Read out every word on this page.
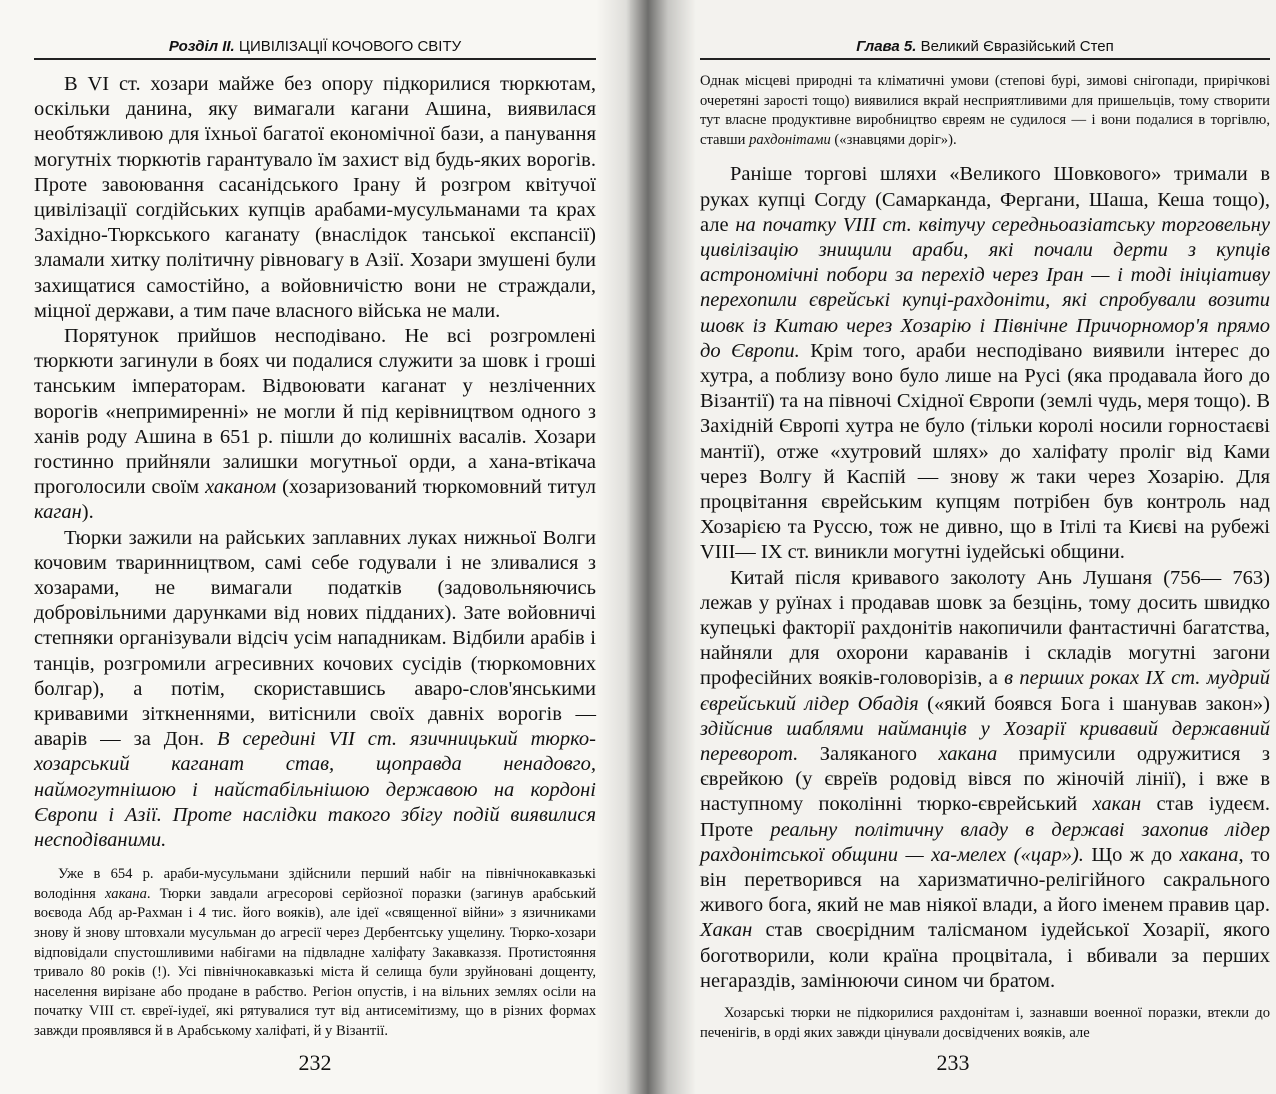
Розділ ІІ. ЦИВІЛІЗАЦІЇ КОЧОВОГО СВІТУ

В VІ ст. хозари майже без опору підкорилися тюркютам, оскільки данина, яку вимагали кагани Ашина, виявилася необтяжливою для їхньої багатої економічної бази, а панування могутніх тюркютів гарантувало їм захист від будь-яких ворогів. Проте завоювання сасанідського Ірану й розгром квітучої цивілізації согдійських купців арабами-мусульманами та крах Західно-Тюркського каганату (внаслідок танської експансії) зламали хитку політичну рівновагу в Азії. Хозари змушені були захищатися самостійно, а войовничістю вони не страждали, міцної держави, а тим паче власного війська не мали.

Порятунок прийшов несподівано. Не всі розгромлені тюркюти загинули в боях чи подалися служити за шовк і гроші танським імператорам. Відвоювати каганат у незліченних ворогів «непримиренні» не могли й під керівництвом одного з ханів роду Ашина в 651 р. пішли до колишніх васалів. Хозари гостинно прийняли залишки могутньої орди, а хана-втікача проголосили своїм хаканом (хозаризований тюркомовний титул каган).

Тюрки зажили на райських заплавних луках нижньої Волги кочовим тваринництвом, самі себе годували і не зливалися з хозарами, не вимагали податків (задовольняючись добровільними дарунками від нових підданих). Зате войовничі степняки організували відсіч усім нападникам. Відбили арабів і танців, розгромили агресивних кочових сусідів (тюркомовних болгар), а потім, скориставшись аваро-слов'янськими кривавими зіткненнями, витіснили своїх давніх ворогів — аварів — за Дон. В середині VII ст. язичницький тюрко-хозарський каганат став, щоправда ненадовго, наймогутнішою і найстабільнішою державою на кордоні Європи і Азії. Проте наслідки такого збігу подій виявилися несподіваними.

Уже в 654 р. араби-мусульмани здійснили перший набіг на північнокавказькі володіння хакана. Тюрки завдали агресорові серйозної поразки (загинув арабський воєвода Абд ар-Рахман і 4 тис. його вояків), але ідеї «священної війни» з язичниками знову й знову штовхали мусульман до агресії через Дербентську ущелину. Тюрко-хозари відповідали спустошливими набігами на підвладне халіфату Закавказзя. Протистояння тривало 80 років (!). Усі північнокавказькі міста й селища були зруйновані дощенту, населення вирізане або продане в рабство. Регіон опустів, і на вільних землях осіли на початку VIII ст. євреї-іудеї, які рятувалися тут від антисемітизму, що в різних формах завжди проявлявся й в Арабському халіфаті, й у Візантії.

232
Глава 5. Великий Євразійський Степ

Однак місцеві природні та кліматичні умови (степові бурі, зимові снігопади, прирічкові очеретяні зарості тощо) виявилися вкрай несприятливими для пришельців, тому створити тут власне продуктивне виробництво євреям не судилося — і вони подалися в торгівлю, ставши рахдонітами («знавцями доріг»).

Раніше торгові шляхи «Великого Шовкового» тримали в руках купці Согду (Самарканда, Фергани, Шаша, Кеша тощо), але на початку VIII ст. квітучу середньоазіатську торговельну цивілізацію знищили араби, які почали дерти з купців астрономічні побори за перехід через Іран — і тоді ініціативу перехопили єврейські купці-рахдоніти, які спробували возити шовк із Китаю через Хозарію і Північне Причорномор'я прямо до Європи. Крім того, араби несподівано виявили інтерес до хутра, а поблизу воно було лише на Русі (яка продавала його до Візантії) та на півночі Східної Європи (землі чудь, меря тощо). В Західній Європі хутра не було (тільки королі носили горностаєві мантії), отже «хутровий шлях» до халіфату проліг від Ками через Волгу й Каспій — знову ж таки через Хозарію. Для процвітання єврейським купцям потрібен був контроль над Хозарією та Руссю, тож не дивно, що в Ітілі та Києві на рубежі VIII— IX ст. виникли могутні іудейські общини.

Китай після кривавого заколоту Ань Лушаня (756— 763) лежав у руїнах і продавав шовк за безцінь, тому досить швидко купецькі факторії рахдонітів накопичили фантастичні багатства, найняли для охорони караванів і складів могутні загони професійних вояків-головорізів, а в перших роках IX ст. мудрий єврейський лідер Обадія («який боявся Бога і шанував закон») здійснив шаблями найманців у Хозарії кривавий державний переворот. Заляканого хакана примусили одружитися з єврейкою (у євреїв родовід вівся по жіночій лінії), і вже в наступному поколінні тюрко-єврейський хакан став іудеєм. Проте реальну політичну владу в державі захопив лідер рахдонітської общини — ха-мелех («цар»). Що ж до хакана, то він перетворився на харизматично-релігійного сакрального живого бога, який не мав ніякої влади, а його іменем правив цар. Хакан став своєрідним талісманом іудейської Хозарії, якого боготворили, коли країна процвітала, і вбивали за перших негараздів, замінюючи сином чи братом.

Хозарські тюрки не підкорилися рахдонітам і, зазнавши военної поразки, втекли до печенігів, в орді яких завжди цінували досвідчених вояків, але

233
